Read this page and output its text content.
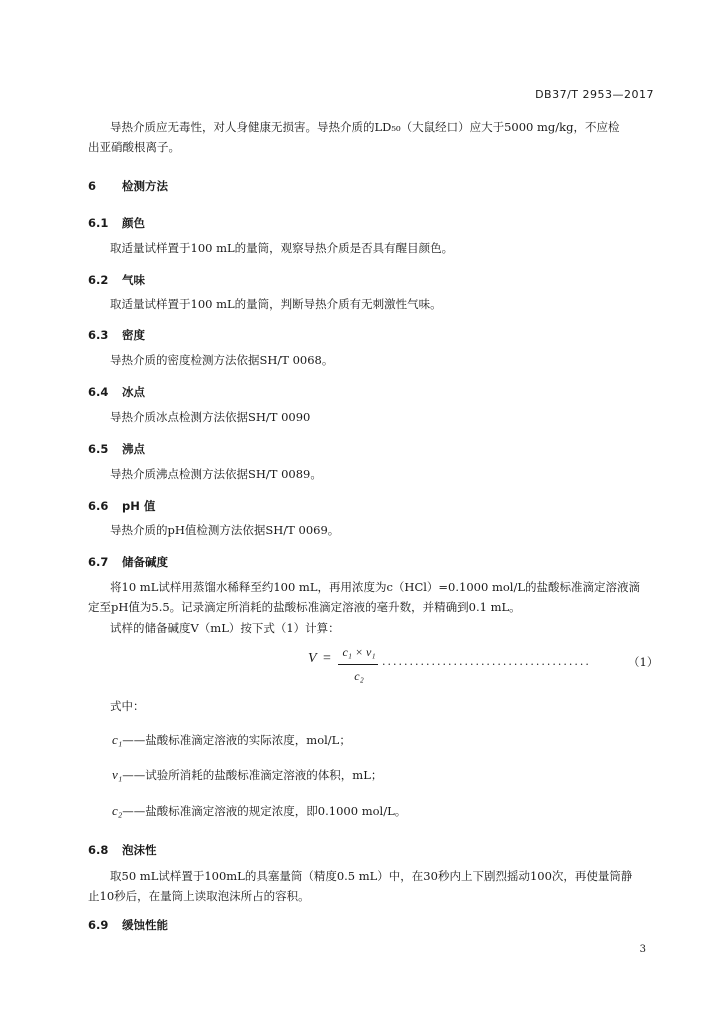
DB37/T 2953—2017
导热介质应无毒性，对人身健康无损害。导热介质的LD₅₀（大鼠经口）应大于5000 mg/kg，不应检
出亚硝酸根离子。
6 检测方法
6.1 颜色
取适量试样置于100 mL的量筒，观察导热介质是否具有醒目颜色。
6.2 气味
取适量试样置于100 mL的量筒，判断导热介质有无刺激性气味。
6.3 密度
导热介质的密度检测方法依据SH/T 0068。
6.4 冰点
导热介质冰点检测方法依据SH/T 0090
6.5 沸点
导热介质沸点检测方法依据SH/T 0089。
6.6 pH 值
导热介质的pH值检测方法依据SH/T 0069。
6.7 储备碱度
将10 mL试样用蒸馏水稀释至约100 mL，再用浓度为c（HCl）=0.1000 mol/L的盐酸标准滴定溶液滴
定至pH值为5.5。记录滴定所消耗的盐酸标准滴定溶液的毫升数，并精确到0.1 mL。
试样的储备碱度V（mL）按下式（1）计算：
V = c₁ × v₁
c₂
......................................	（1）
式中：
c₁——盐酸标准滴定溶液的实际浓度，mol/L；
v₁——试验所消耗的盐酸标准滴定溶液的体积，mL；
c₂——盐酸标准滴定溶液的规定浓度，即0.1000 mol/L。
6.8 泡沫性
取50 mL试样置于100mL的具塞量筒（精度0.5 mL）中，在30秒内上下剧烈摇动100次，再使量筒静
止10秒后，在量筒上读取泡沫所占的容积。
6.9 缓蚀性能
3
